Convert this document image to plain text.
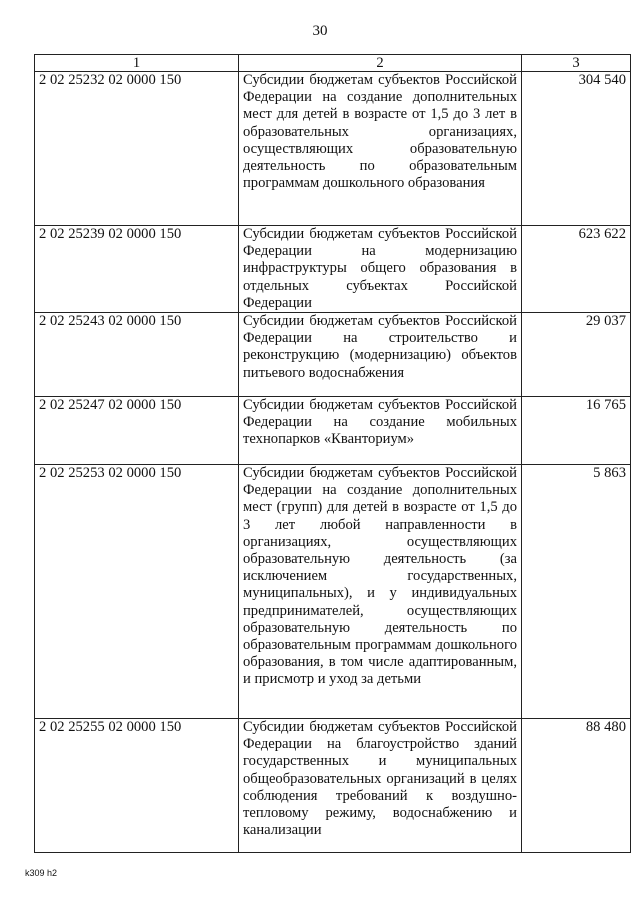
30
1	2	3
2 02 25232 02 0000 150	Субсидии бюджетам субъектов Российской Федерации на создание дополнительных мест для детей в возрасте от 1,5 до 3 лет в образовательных организациях, осуществляющих образовательную деятельность по образовательным программам дошкольного образования	304 540
2 02 25239 02 0000 150	Субсидии бюджетам субъектов Российской Федерации на модернизацию инфраструктуры общего образования в отдельных субъектах Российской Федерации	623 622
2 02 25243 02 0000 150	Субсидии бюджетам субъектов Российской Федерации на строительство и реконструкцию (модернизацию) объектов питьевого водоснабжения	29 037
2 02 25247 02 0000 150	Субсидии бюджетам субъектов Российской Федерации на создание мобильных технопарков «Кванториум»	16 765
2 02 25253 02 0000 150	Субсидии бюджетам субъектов Российской Федерации на создание дополнительных мест (групп) для детей в возрасте от 1,5 до 3 лет любой направленности в организациях, осуществляющих образовательную деятельность (за исключением государственных, муниципальных), и у индивидуальных предпринимателей, осуществляющих образовательную деятельность по образовательным программам дошкольного образования, в том числе адаптированным, и присмотр и уход за детьми	5 863
2 02 25255 02 0000 150	Субсидии бюджетам субъектов Российской Федерации на благоустройство зданий государственных и муниципальных общеобразовательных организаций в целях соблюдения требований к воздушно-тепловому режиму, водоснабжению и канализации	88 480
k309 h2
